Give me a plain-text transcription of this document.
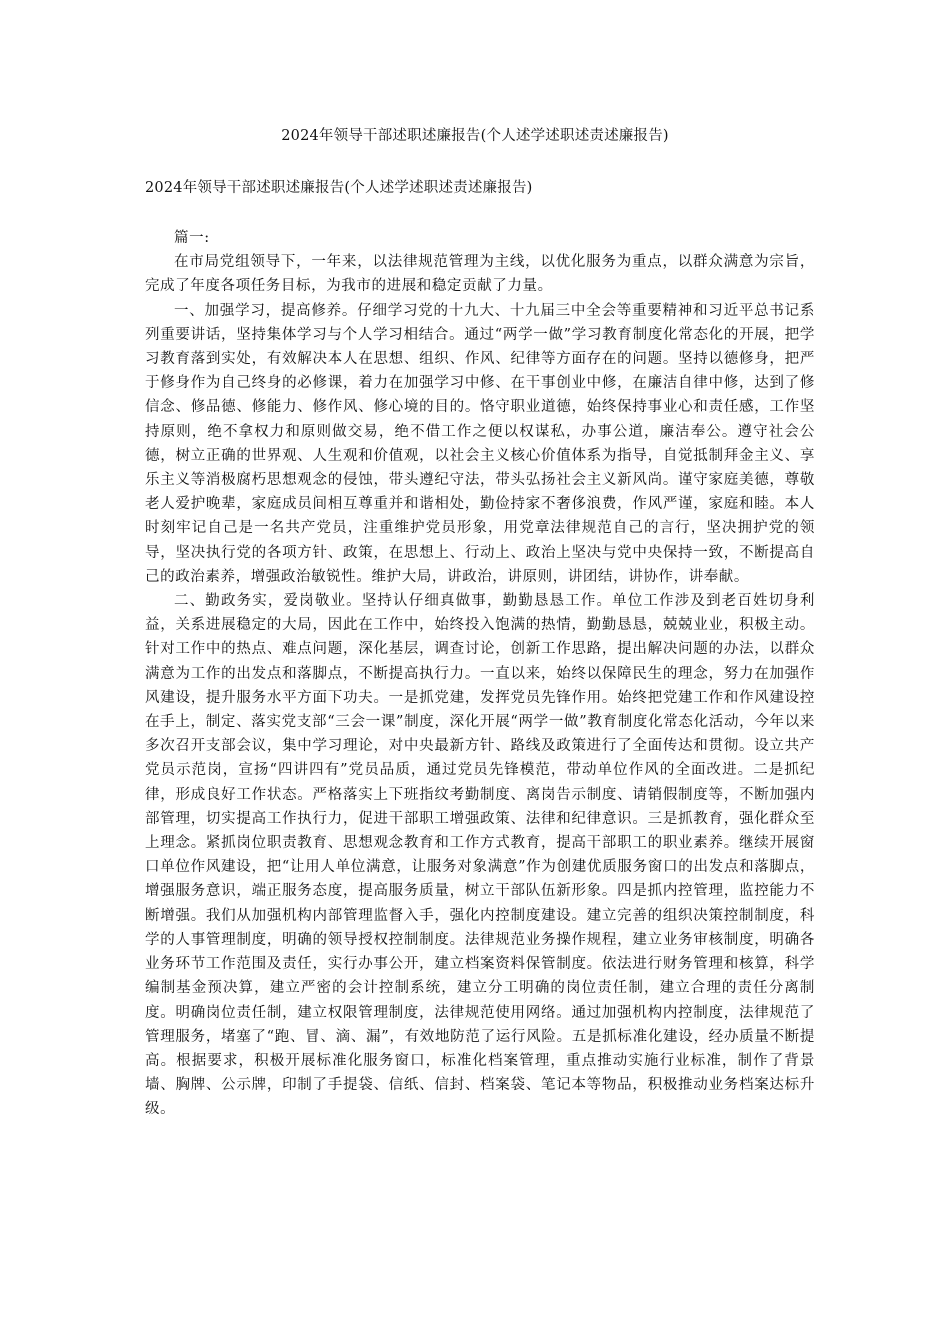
2024年领导干部述职述廉报告(个人述学述职述责述廉报告)
2024年领导干部述职述廉报告(个人述学述职述责述廉报告)

篇一:

在市局党组领导下，一年来，以法律规范管理为主线，以优化服务为重点，以群众满意为宗旨，完成了年度各项任务目标，为我市的进展和稳定贡献了力量。

一、加强学习，提高修养。仔细学习党的十九大、十九届三中全会等重要精神和习近平总书记系列重要讲话，坚持集体学习与个人学习相结合。通过“两学一做”学习教育制度化常态化的开展，把学习教育落到实处，有效解决本人在思想、组织、作风、纪律等方面存在的问题。坚持以德修身，把严于修身作为自己终身的必修课，着力在加强学习中修、在干事创业中修，在廉洁自律中修，达到了修信念、修品德、修能力、修作风、修心境的目的。恪守职业道德，始终保持事业心和责任感，工作坚持原则，绝不拿权力和原则做交易，绝不借工作之便以权谋私，办事公道，廉洁奉公。遵守社会公德，树立正确的世界观、人生观和价值观，以社会主义核心价值体系为指导，自觉抵制拜金主义、享乐主义等消极腐朽思想观念的侵蚀，带头遵纪守法，带头弘扬社会主义新风尚。谨守家庭美德，尊敬老人爱护晚辈，家庭成员间相互尊重并和谐相处，勤俭持家不奢侈浪费，作风严谨，家庭和睦。本人时刻牢记自己是一名共产党员，注重维护党员形象，用党章法律规范自己的言行，坚决拥护党的领导，坚决执行党的各项方针、政策，在思想上、行动上、政治上坚决与党中央保持一致，不断提高自己的政治素养，增强政治敏锐性。维护大局，讲政治，讲原则，讲团结，讲协作，讲奉献。

二、勤政务实，爱岗敬业。坚持认仔细真做事，勤勤恳恳工作。单位工作涉及到老百姓切身利益，关系进展稳定的大局，因此在工作中，始终投入饱满的热情，勤勤恳恳，兢兢业业，积极主动。针对工作中的热点、难点问题，深化基层，调查讨论，创新工作思路，提出解决问题的办法，以群众满意为工作的出发点和落脚点，不断提高执行力。一直以来，始终以保障民生的理念，努力在加强作风建设，提升服务水平方面下功夫。一是抓党建，发挥党员先锋作用。始终把党建工作和作风建设控在手上，制定、落实党支部“三会一课”制度，深化开展“两学一做”教育制度化常态化活动，今年以来多次召开支部会议，集中学习理论，对中央最新方针、路线及政策进行了全面传达和贯彻。设立共产党员示范岗，宣扬“四讲四有”党员品质，通过党员先锋模范，带动单位作风的全面改进。二是抓纪律，形成良好工作状态。严格落实上下班指纹考勤制度、离岗告示制度、请销假制度等，不断加强内部管理，切实提高工作执行力，促进干部职工增强政策、法律和纪律意识。三是抓教育，强化群众至上理念。紧抓岗位职责教育、思想观念教育和工作方式教育，提高干部职工的职业素养。继续开展窗口单位作风建设，把“让用人单位满意，让服务对象满意”作为创建优质服务窗口的出发点和落脚点，增强服务意识，端正服务态度，提高服务质量，树立干部队伍新形象。四是抓内控管理，监控能力不断增强。我们从加强机构内部管理监督入手，强化内控制度建设。建立完善的组织决策控制制度，科学的人事管理制度，明确的领导授权控制制度。法律规范业务操作规程，建立业务审核制度，明确各业务环节工作范围及责任，实行办事公开，建立档案资料保管制度。依法进行财务管理和核算，科学编制基金预决算，建立严密的会计控制系统，建立分工明确的岗位责任制，建立合理的责任分离制度。明确岗位责任制，建立权限管理制度，法律规范使用网络。通过加强机构内控制度，法律规范了管理服务，堵塞了“跑、冒、滴、漏”，有效地防范了运行风险。五是抓标准化建设，经办质量不断提高。根据要求，积极开展标准化服务窗口，标准化档案管理，重点推动实施行业标准，制作了背景墙、胸牌、公示牌，印制了手提袋、信纸、信封、档案袋、笔记本等物品，积极推动业务档案达标升级。
